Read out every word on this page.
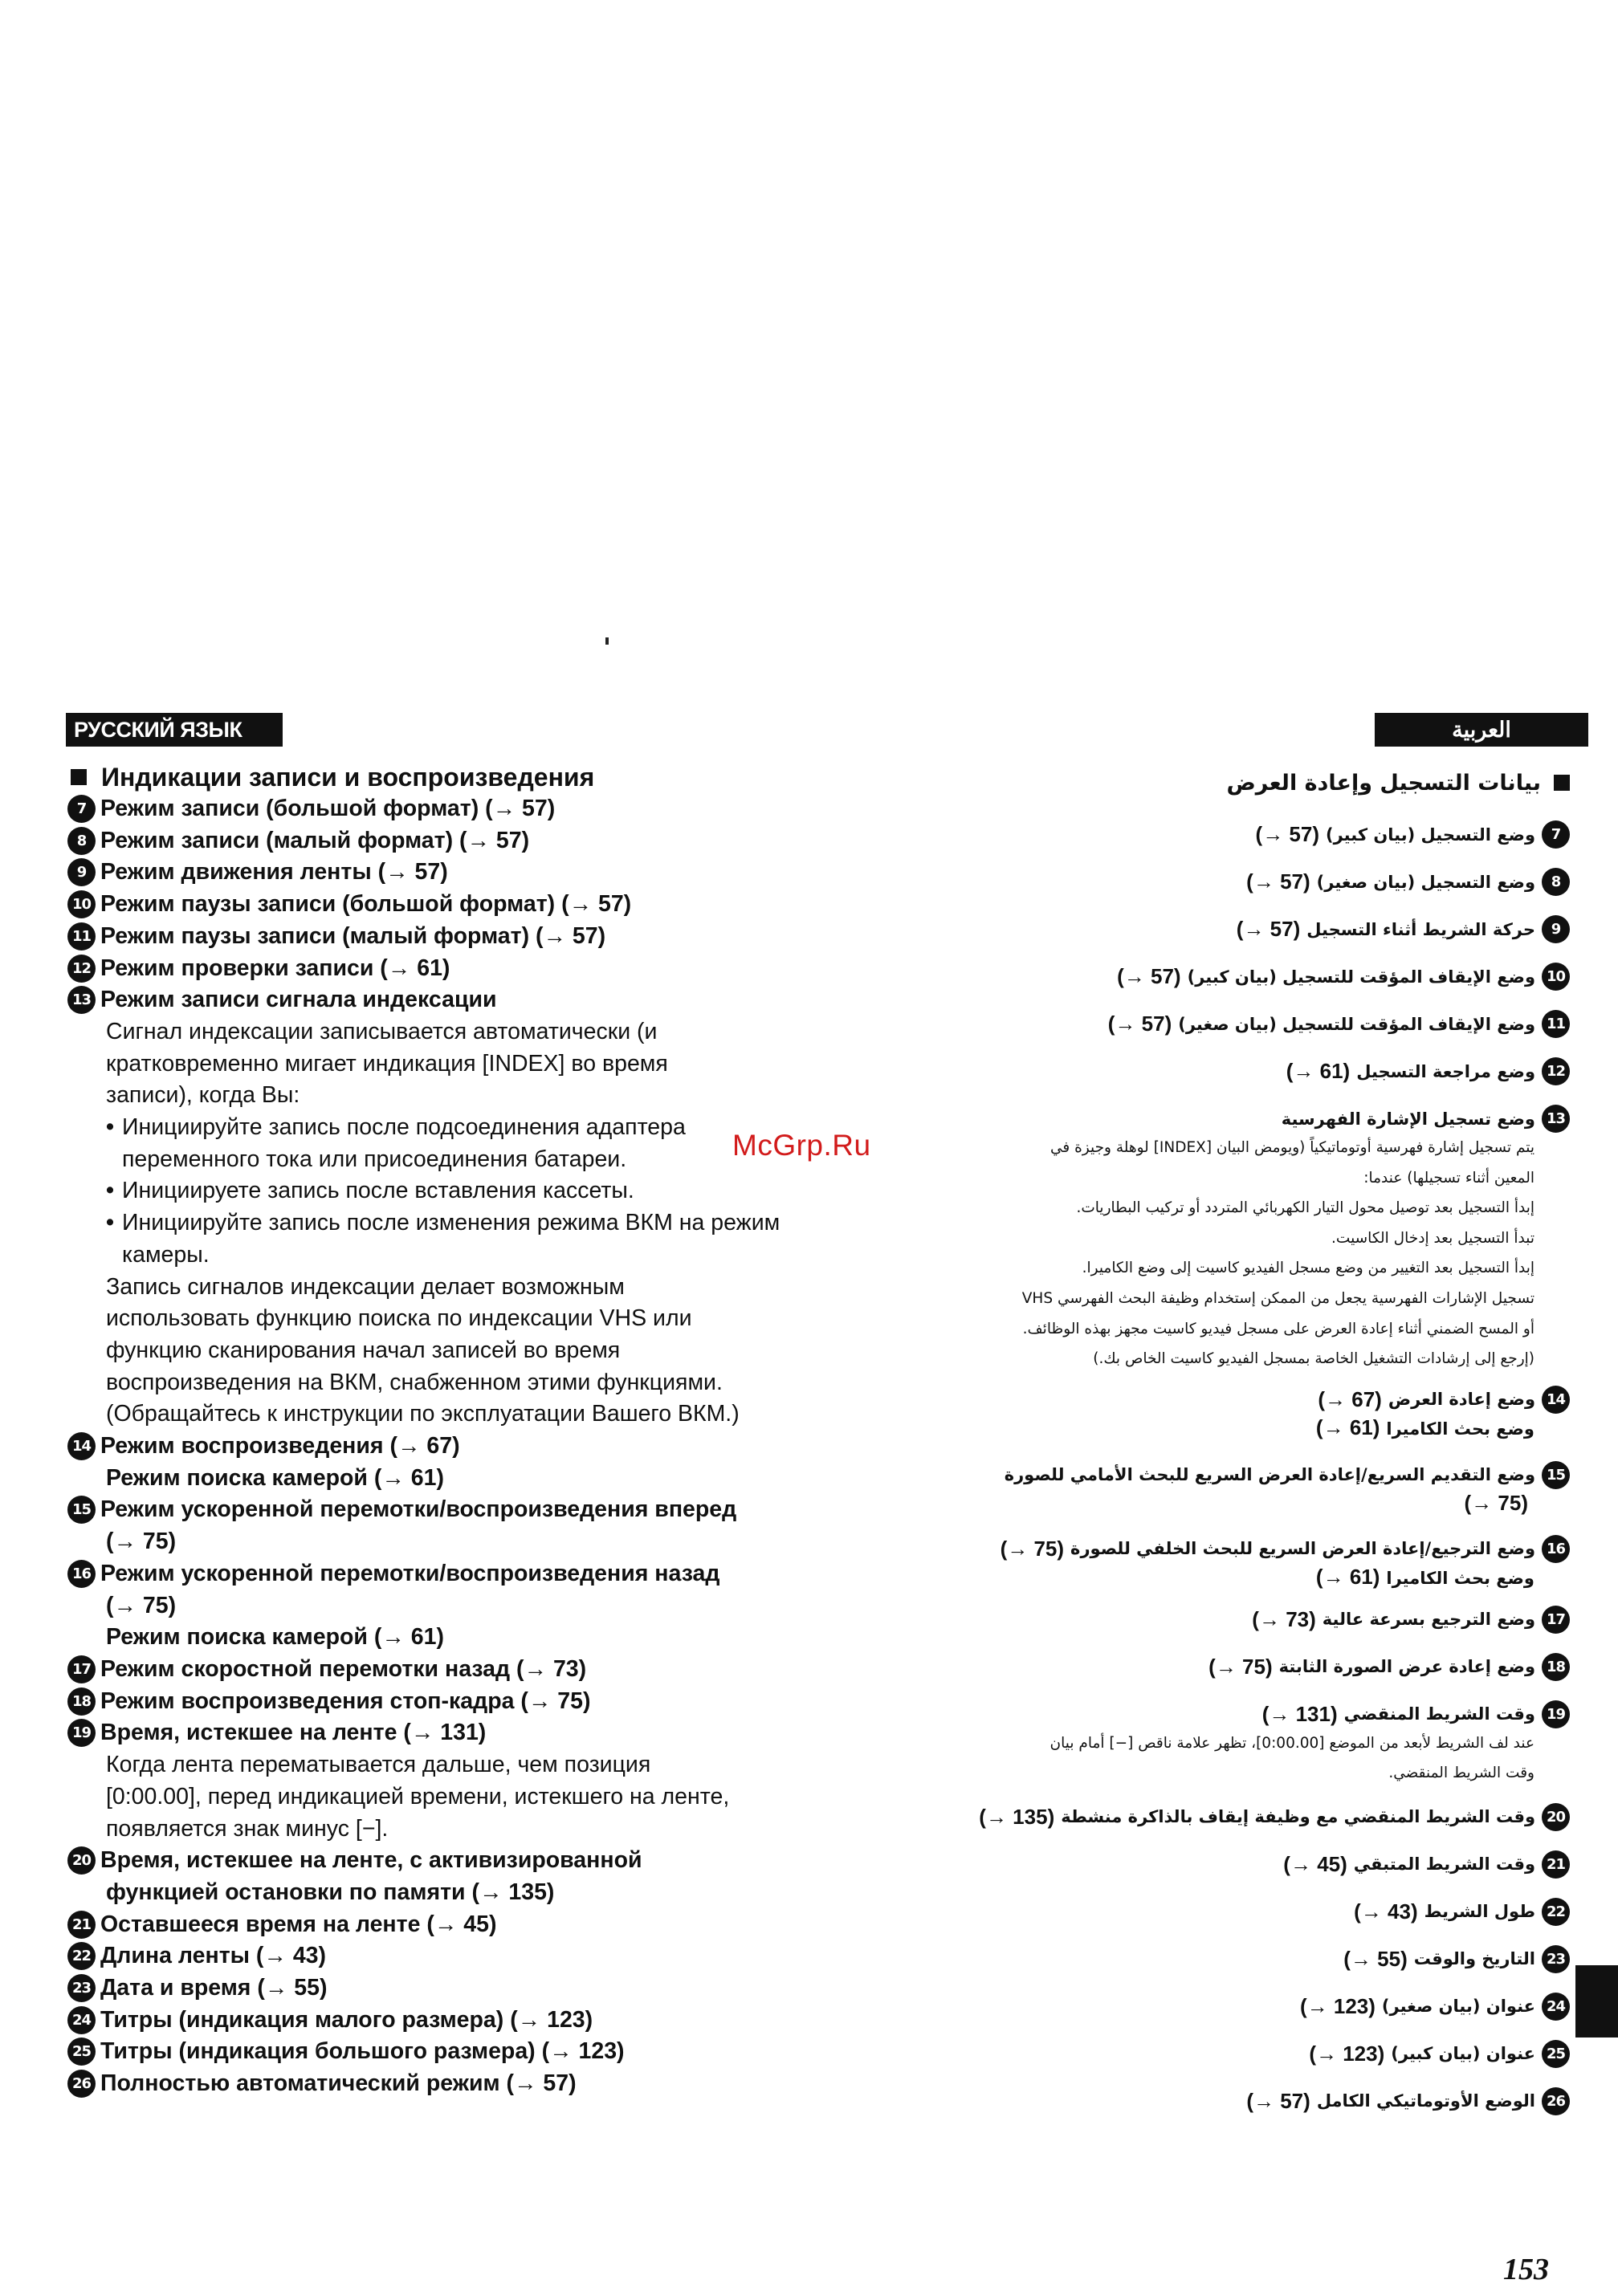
РУССКИЙ ЯЗЫК	العربية
McGrp.Ru
Индикации записи и воспроизведения
7 Режим записи (большой формат) (→ 57)
8 Режим записи (малый формат) (→ 57)
9 Режим движения ленты (→ 57)
10 Режим паузы записи (большой формат) (→ 57)
11 Режим паузы записи (малый формат) (→ 57)
12 Режим проверки записи (→ 61)
13 Режим записи сигнала индексации
Сигнал индексации записывается автоматически (и
кратковременно мигает индикация [INDEX] во время
записи), когда Вы:
• Инициируйте запись после подсоединения адаптера переменного тока или присоединения батареи.
• Инициируете запись после вставления кассеты.
• Инициируйте запись после изменения режима ВКМ на режим камеры.
Запись сигналов индексации делает возможным
использовать функцию поиска по индексации VHS или
функцию сканирования начал записей во время
воспроизведения на ВКМ, снабженном этими функциями.
(Обращайтесь к инструкции по эксплуатации Вашего ВКМ.)
14 Режим воспроизведения (→ 67)
Режим поиска камерой (→ 61)
15 Режим ускоренной перемотки/воспроизведения вперед
(→ 75)
16 Режим ускоренной перемотки/воспроизведения назад
(→ 75)
Режим поиска камерой (→ 61)
17 Режим скоростной перемотки назад (→ 73)
18 Режим воспроизведения стоп-кадра (→ 75)
19 Время, истекшее на ленте (→ 131)
Когда лента перематывается дальше, чем позиция
[0:00.00], перед индикацией времени, истекшего на ленте,
появляется знак минус [−].
20 Время, истекшее на ленте, с активизированной
функцией остановки по памяти (→ 135)
21 Оставшееся время на ленте (→ 45)
22 Длина ленты (→ 43)
23 Дата и время (→ 55)
24 Титры (индикация малого размера) (→ 123)
25 Титры (индикация большого размера) (→ 123)
26 Полностью автоматический режим (→ 57)
بيانات التسجيل وإعادة العرض
7
وضع التسجيل (بيان كبير)
(57 →)
8
وضع التسجيل (بيان صغير)
(57 →)
9
حركة الشريط أثناء التسجيل
(57 →)
10
وضع الإيقاف المؤقت للتسجيل (بيان كبير)
(57 →)
11
وضع الإيقاف المؤقت للتسجيل (بيان صغير)
(57 →)
12
وضع مراجعة التسجيل
(61 →)
13
وضع تسجيل الإشارة الفهرسية
يتم تسجيل إشارة فهرسية أوتوماتيكياً (ويومض البيان [INDEX] لوهلة وجيزة في
المعين أثناء تسجيلها) عندما:
إبدأ التسجيل بعد توصيل محول التيار الكهربائي المتردد أو تركيب البطاريات.
تبدأ التسجيل بعد إدخال الكاسيت.
إبدأ التسجيل بعد التغيير من وضع مسجل الفيديو كاسيت إلى وضع الكاميرا.
تسجيل الإشارات الفهرسية يجعل من الممكن إستخدام وظيفة البحث الفهرسي VHS
أو المسح الضمني أثناء إعادة العرض على مسجل فيديو كاسيت مجهز بهذه الوظائف.
(إرجع إلى إرشادات التشغيل الخاصة بمسجل الفيديو كاسيت الخاص بك.)
14
وضع إعادة العرض
(67 →)
وضع بحث الكاميرا(61 →)
15
وضع التقديم السريع/إعادة العرض السريع للبحث الأمامي للصورة
(75 →)
16
وضع الترجيع/إعادة العرض السريع للبحث الخلفي للصورة
(75 →)
وضع بحث الكاميرا(61 →)
17
وضع الترجيع بسرعة عالية
(73 →)
18
وضع إعادة عرض الصورة الثابتة
(75 →)
19
وقت الشريط المنقضي
(131 →)
عند لف الشريط لأبعد من الموضع [0:00.00]، تظهر علامة ناقص [−] أمام بيان
وقت الشريط المنقضي.
20
وقت الشريط المنقضي مع وظيفة إيقاف بالذاكرة منشطة
(135 →)
21
وقت الشريط المتبقي
(45 →)
22
طول الشريط
(43 →)
23
التاريخ والوقت
(55 →)
24
عنوان (بيان صغير)
(123 →)
25
عنوان (بيان كبير)
(123 →)
26
الوضع الأوتوماتيكي الكامل
(57 →)
153
